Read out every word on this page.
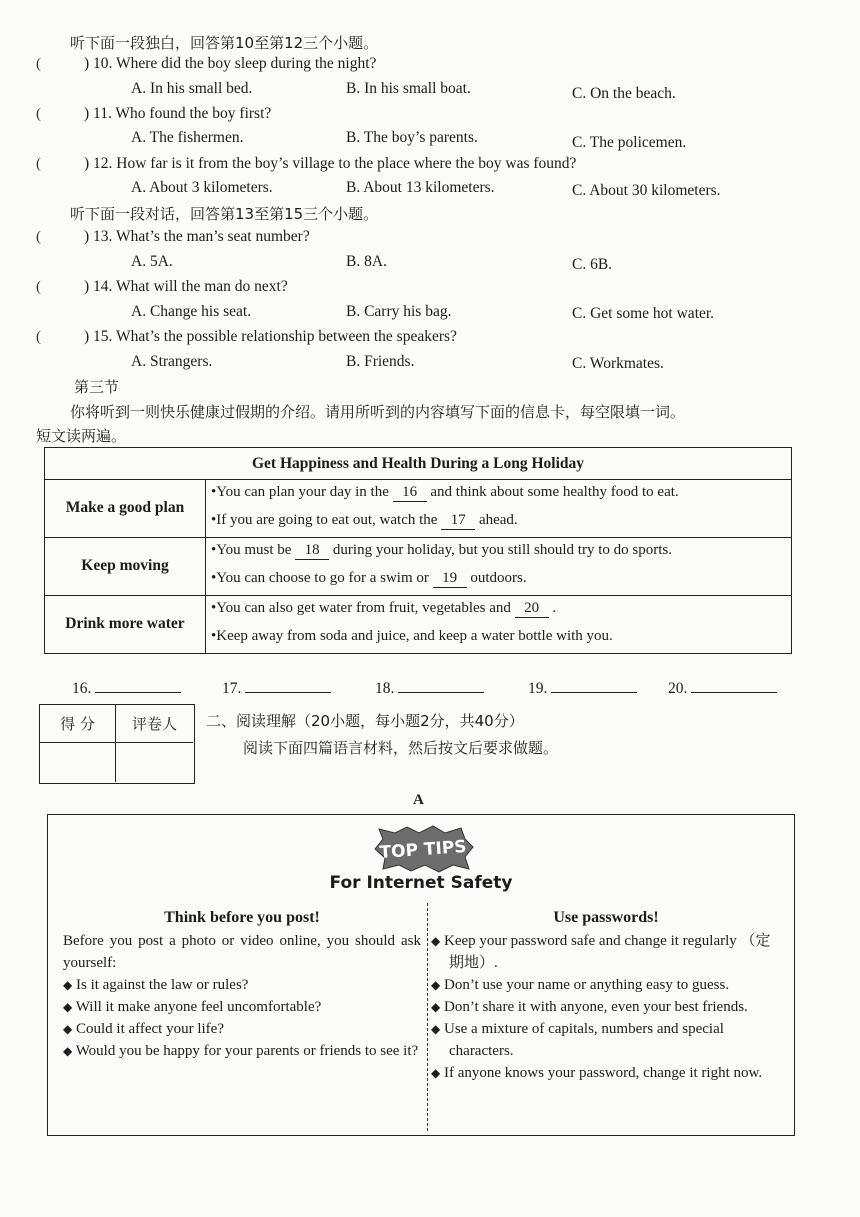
听下面一段独白，回答第10至第12三个小题。
(	) 10. Where did the boy sleep during the night?
A. In his small bed.	B. In his small boat.	C. On the beach.
(	) 11. Who found the boy first?
A. The fishermen.	B. The boy’s parents.	C. The policemen.
(	) 12. How far is it from the boy’s village to the place where the boy was found?
A. About 3 kilometers.	B. About 13 kilometers.	C. About 30 kilometers.
听下面一段对话，回答第13至第15三个小题。
(	) 13. What’s the man’s seat number?
A. 5A.	B. 8A.	C. 6B.
(	) 14. What will the man do next?
A. Change his seat.	B. Carry his bag.	C. Get some hot water.
(	) 15. What’s the possible relationship between the speakers?
A. Strangers.	B. Friends.	C. Workmates.
第三节
你将听到一则快乐健康过假期的介绍。请用所听到的内容填写下面的信息卡，每空限填一词。
短文读两遍。
Get Happiness and Health During a Long Holiday
Make a good plan
•You can plan your day in the 16 and think about some healthy food to eat.
•If you are going to eat out, watch the 17 ahead.
Keep moving
•You must be 18 during your holiday, but you still should try to do sports.
•You can choose to go for a swim or 19 outdoors.
Drink more water
•You can also get water from fruit, vegetables and 20 .
•Keep away from soda and juice, and keep a water bottle with you.
16.	17.	18.	19.	20.
得 分	评卷人	二、阅读理解（20小题，每小题2分，共40分）
阅读下面四篇语言材料，然后按文后要求做题。
A
TOP TIPS
For Internet Safety
Think before you post!
Before you post a photo or video online, you should ask yourself:
◆ Is it against the law or rules?
◆ Will it make anyone feel uncomfortable?
◆ Could it affect your life?
◆ Would you be happy for your parents or friends to see it?
Use passwords!
◆ Keep your password safe and change it regularly （定期地）.
◆ Don’t use your name or anything easy to guess.
◆ Don’t share it with anyone, even your best friends.
◆ Use a mixture of capitals, numbers and special characters.
◆ If anyone knows your password, change it right now.
